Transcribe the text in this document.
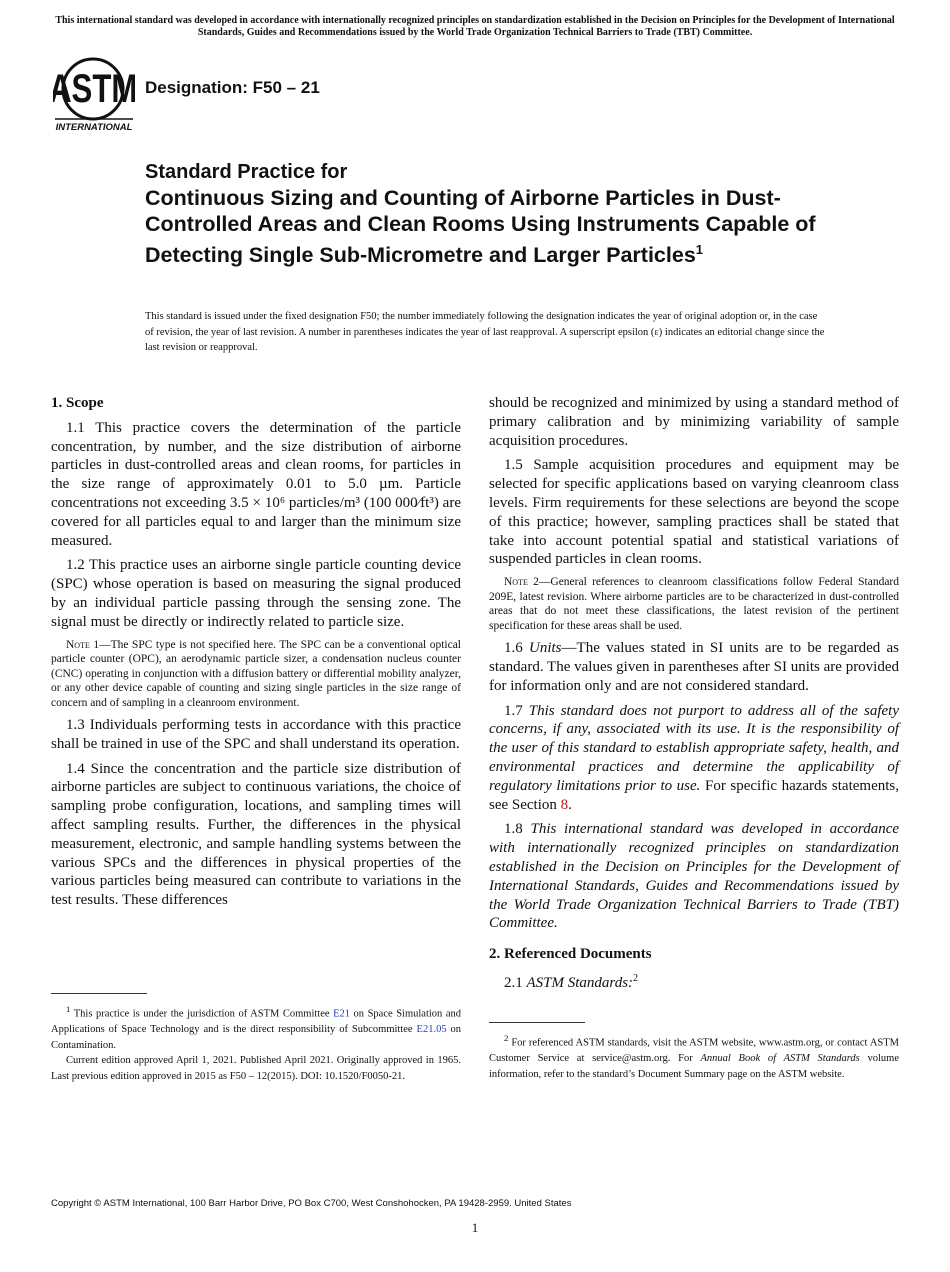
This international standard was developed in accordance with internationally recognized principles on standardization established in the Decision on Principles for the Development of International Standards, Guides and Recommendations issued by the World Trade Organization Technical Barriers to Trade (TBT) Committee.
ASTM
INTERNATIONAL
Designation: F50 – 21
Standard Practice for
Continuous Sizing and Counting of Airborne Particles in Dust-Controlled Areas and Clean Rooms Using Instruments Capable of Detecting Single Sub-Micrometre and Larger Particles$^1$
This standard is issued under the fixed designation F50; the number immediately following the designation indicates the year of original adoption or, in the case of revision, the year of last revision. A number in parentheses indicates the year of last reapproval. A superscript epsilon (ε) indicates an editorial change since the last revision or reapproval.
1. Scope

1.1 This practice covers the determination of the particle concentration, by number, and the size distribution of airborne particles in dust-controlled areas and clean rooms, for particles in the size range of approximately 0.01 to 5.0 µm. Particle concentrations not exceeding 3.5 × 10⁶ particles/m³ (100 000⁄ft³) are covered for all particles equal to and larger than the minimum size measured.

1.2 This practice uses an airborne single particle counting device (SPC) whose operation is based on measuring the signal produced by an individual particle passing through the sensing zone. The signal must be directly or indirectly related to particle size.

Note 1—The SPC type is not specified here. The SPC can be a conventional optical particle counter (OPC), an aerodynamic particle sizer, a condensation nucleus counter (CNC) operating in conjunction with a diffusion battery or differential mobility analyzer, or any other device capable of counting and sizing single particles in the size range of concern and of sampling in a cleanroom environment.

1.3 Individuals performing tests in accordance with this practice shall be trained in use of the SPC and shall understand its operation.

1.4 Since the concentration and the particle size distribution of airborne particles are subject to continuous variations, the choice of sampling probe configuration, locations, and sampling times will affect sampling results. Further, the differences in the physical measurement, electronic, and sample handling systems between the various SPCs and the differences in physical properties of the various particles being measured can contribute to variations in the test results. These differences

$^1$ This practice is under the jurisdiction of ASTM Committee E21 on Space Simulation and Applications of Space Technology and is the direct responsibility of Subcommittee E21.05 on Contamination.

Current edition approved April 1, 2021. Published April 2021. Originally approved in 1965. Last previous edition approved in 2015 as F50 – 12(2015). DOI: 10.1520/F0050-21.

should be recognized and minimized by using a standard method of primary calibration and by minimizing variability of sample acquisition procedures.

1.5 Sample acquisition procedures and equipment may be selected for specific applications based on varying cleanroom class levels. Firm requirements for these selections are beyond the scope of this practice; however, sampling practices shall be stated that take into account potential spatial and statistical variations of suspended particles in clean rooms.

Note 2—General references to cleanroom classifications follow Federal Standard 209E, latest revision. Where airborne particles are to be characterized in dust-controlled areas that do not meet these classifications, the latest revision of the pertinent specification for these areas shall be used.

1.6 Units—The values stated in SI units are to be regarded as standard. The values given in parentheses after SI units are provided for information only and are not considered standard.

1.7 This standard does not purport to address all of the safety concerns, if any, associated with its use. It is the responsibility of the user of this standard to establish appropriate safety, health, and environmental practices and determine the applicability of regulatory limitations prior to use. For specific hazards statements, see Section 8.

1.8 This international standard was developed in accordance with internationally recognized principles on standardization established in the Decision on Principles for the Development of International Standards, Guides and Recommendations issued by the World Trade Organization Technical Barriers to Trade (TBT) Committee.

2. Referenced Documents

2.1 ASTM Standards:$^2$

$^2$ For referenced ASTM standards, visit the ASTM website, www.astm.org, or contact ASTM Customer Service at service@astm.org. For Annual Book of ASTM Standards volume information, refer to the standard’s Document Summary page on the ASTM website.

Copyright © ASTM International, 100 Barr Harbor Drive, PO Box C700, West Conshohocken, PA 19428-2959. United States
1
